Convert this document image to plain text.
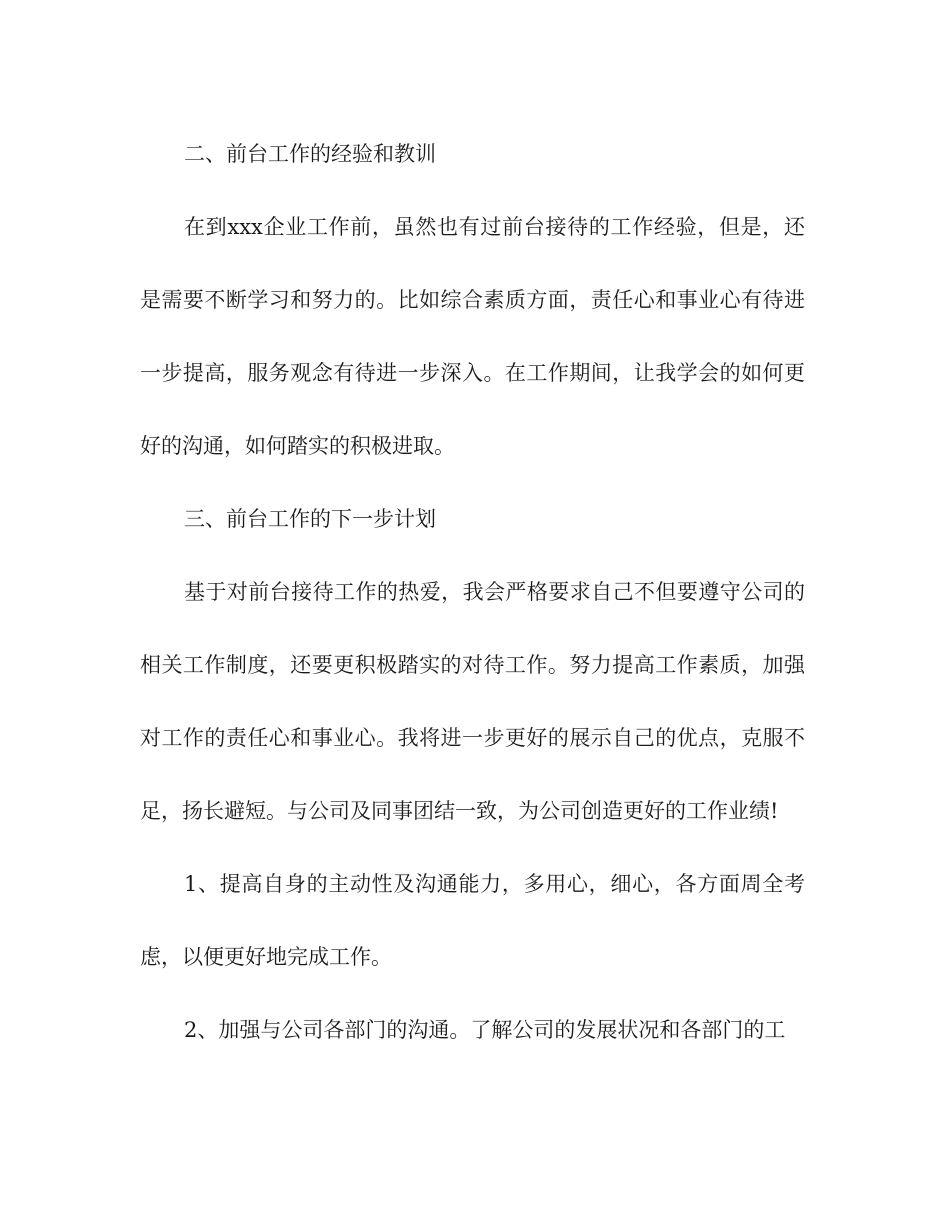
二、前台工作的经验和教训

在到xxx企业工作前，虽然也有过前台接待的工作经验，但是，还是需要不断学习和努力的。比如综合素质方面，责任心和事业心有待进一步提高，服务观念有待进一步深入。在工作期间，让我学会的如何更好的沟通，如何踏实的积极进取。

三、前台工作的下一步计划

基于对前台接待工作的热爱，我会严格要求自己不但要遵守公司的相关工作制度，还要更积极踏实的对待工作。努力提高工作素质，加强对工作的责任心和事业心。我将进一步更好的展示自己的优点，克服不足，扬长避短。与公司及同事团结一致，为公司创造更好的工作业绩!

1、提高自身的主动性及沟通能力，多用心，细心，各方面周全考虑，以便更好地完成工作。

2、加强与公司各部门的沟通。了解公司的发展状况和各部门的工
